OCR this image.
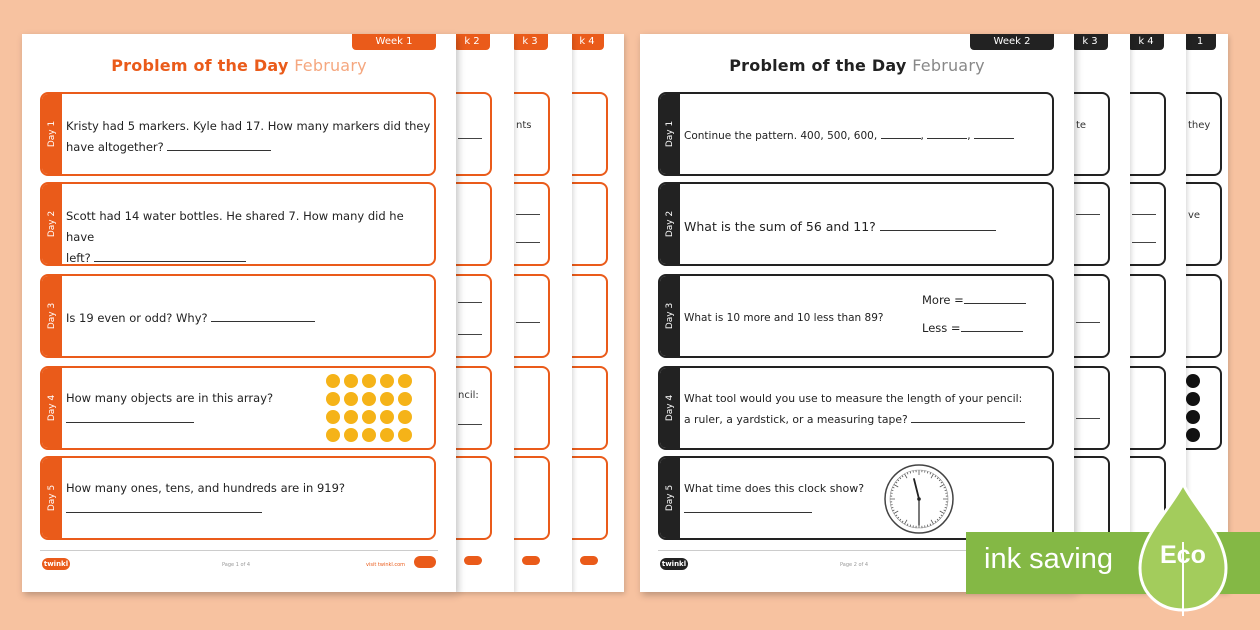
k 4
k 3
nts
k 2
ncil:
Week 1
Problem of the Day February
Day 1 Kristy had 5 markers. Kyle had 17. How many markers did they
have altogether?
Day 2 Scott had 14 water bottles. He shared 7. How many did he have
left?
Day 3 Is 19 even or odd? Why?
Day 4 How many objects are in this array?
Day 5 How many ones, tens, and hundreds are in 919?
twinkl	Page 1 of 4	visit twinkl.com
1
they
ve
k 4
k 3
te
Week 2
Problem of the Day February
Day 1 Continue the pattern. 400, 500, 600,	,	,
Day 2 What is the sum of 56 and 11?
Day 3 What is 10 more and 10 less than 89?
More =
Less =
Day 4 What tool would you use to measure the length of your pencil:
a ruler, a yardstick, or a measuring tape?
Day 5 What time does this clock show?
twinkl	Page 2 of 4	ink saving Eco
